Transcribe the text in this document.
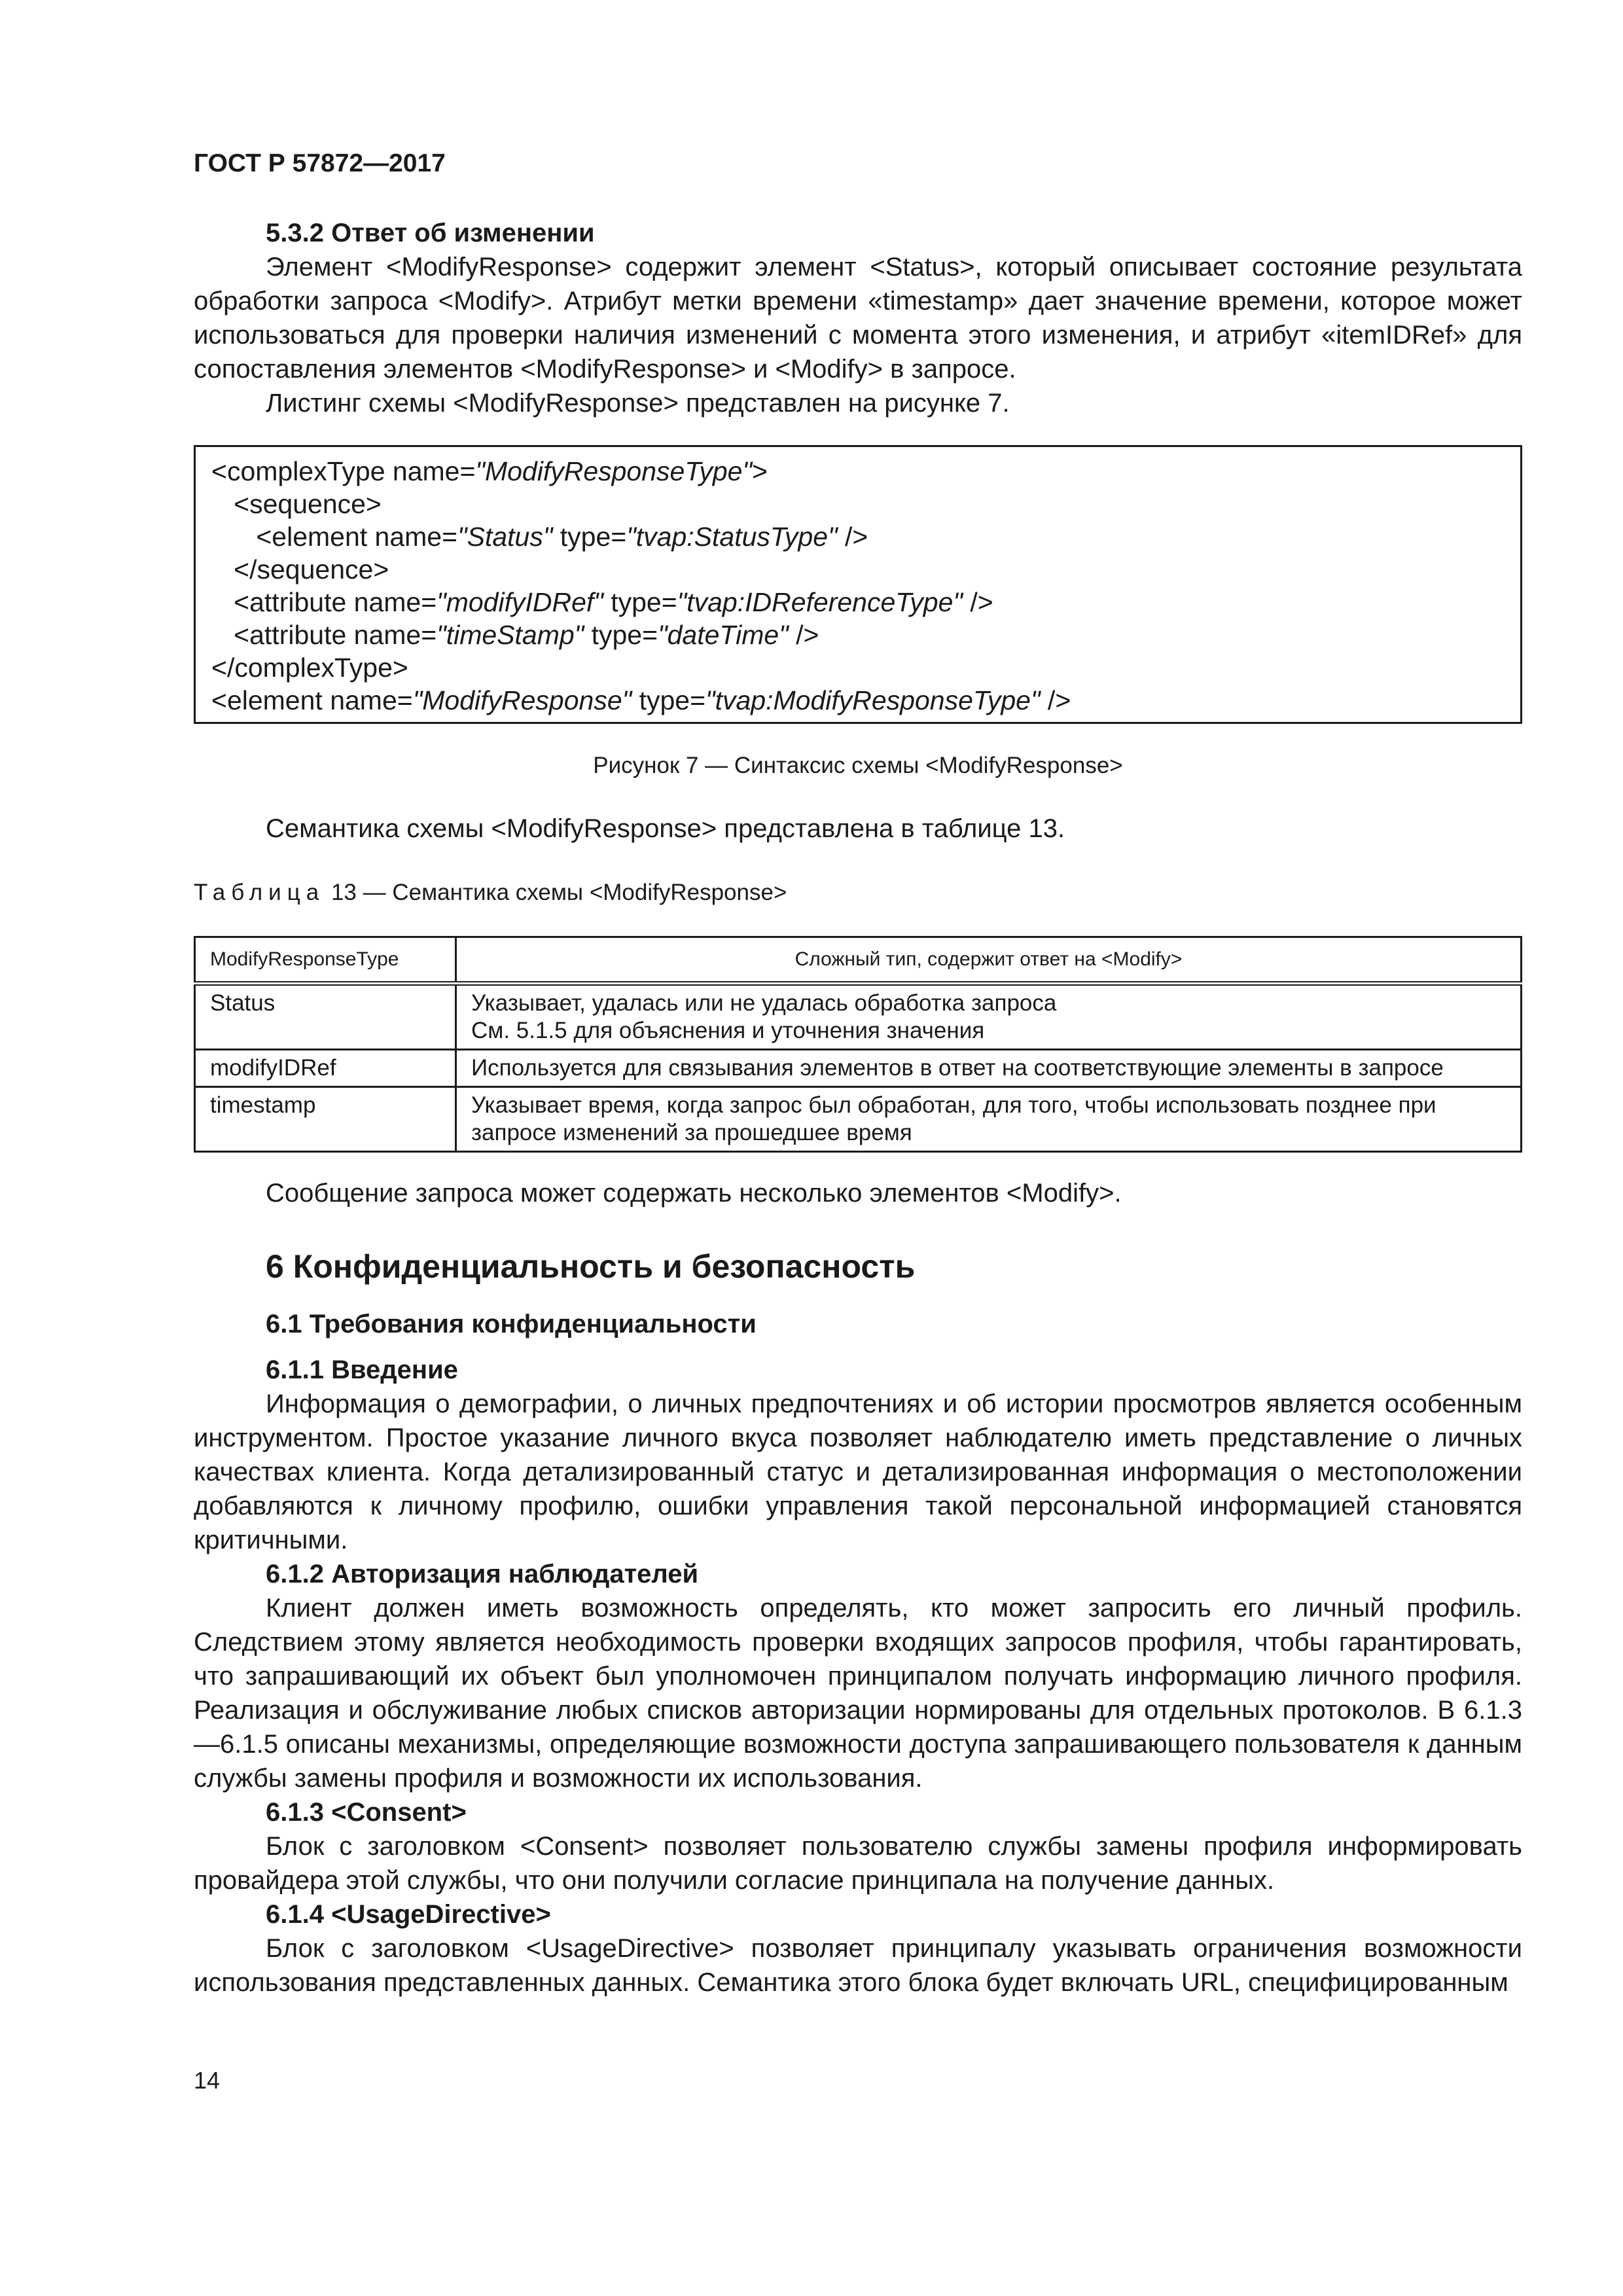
ГОСТ Р 57872—2017
5.3.2 Ответ об изменении
Элемент <ModifyResponse> содержит элемент <Status>, который описывает состояние результата обработки запроса <Modify>. Атрибут метки времени «timestamp» дает значение времени, которое может использоваться для проверки наличия изменений с момента этого изменения, и атрибут «itemIDRef» для сопоставления элементов <ModifyResponse> и <Modify> в запросе.
Листинг схемы <ModifyResponse> представлен на рисунке 7.
<complexType name="ModifyResponseType">
<sequence>
<element name="Status" type="tvap:StatusType" />
</sequence>
<attribute name="modifyIDRef" type="tvap:IDReferenceType" />
<attribute name="timeStamp" type="dateTime" />
</complexType>
<element name="ModifyResponse" type="tvap:ModifyResponseType" />
Рисунок 7 — Синтаксис схемы <ModifyResponse>
Семантика схемы <ModifyResponse> представлена в таблице 13.
Таблица 13 — Семантика схемы <ModifyResponse>
ModifyResponseType	Сложный тип, содержит ответ на <Modify>
Status	Указывает, удалась или не удалась обработка запроса
См. 5.1.5 для объяснения и уточнения значения

modifyIDRef	Используется для связывания элементов в ответ на соответствующие элементы в запросе

timestamp	Указывает время, когда запрос был обработан, для того, чтобы использовать позднее при запросе изменений за прошедшее время
Сообщение запроса может содержать несколько элементов <Modify>.
6 Конфиденциальность и безопасность
6.1 Требования конфиденциальности
6.1.1 Введение
Информация о демографии, о личных предпочтениях и об истории просмотров является особенным инструментом. Простое указание личного вкуса позволяет наблюдателю иметь представление о личных качествах клиента. Когда детализированный статус и детализированная информация о местоположении добавляются к личному профилю, ошибки управления такой персональной информацией становятся критичными.
6.1.2 Авторизация наблюдателей
Клиент должен иметь возможность определять, кто может запросить его личный профиль. Следствием этому является необходимость проверки входящих запросов профиля, чтобы гарантировать, что запрашивающий их объект был уполномочен принципалом получать информацию личного профиля. Реализация и обслуживание любых списков авторизации нормированы для отдельных протоколов. В 6.1.3—6.1.5 описаны механизмы, определяющие возможности доступа запрашивающего пользователя к данным службы замены профиля и возможности их использования.
6.1.3 <Consent>
Блок с заголовком <Consent> позволяет пользователю службы замены профиля информировать провайдера этой службы, что они получили согласие принципала на получение данных.
6.1.4 <UsageDirective>
Блок с заголовком <UsageDirective> позволяет принципалу указывать ограничения возможности использования представленных данных. Семантика этого блока будет включать URL, специфицированным
14
